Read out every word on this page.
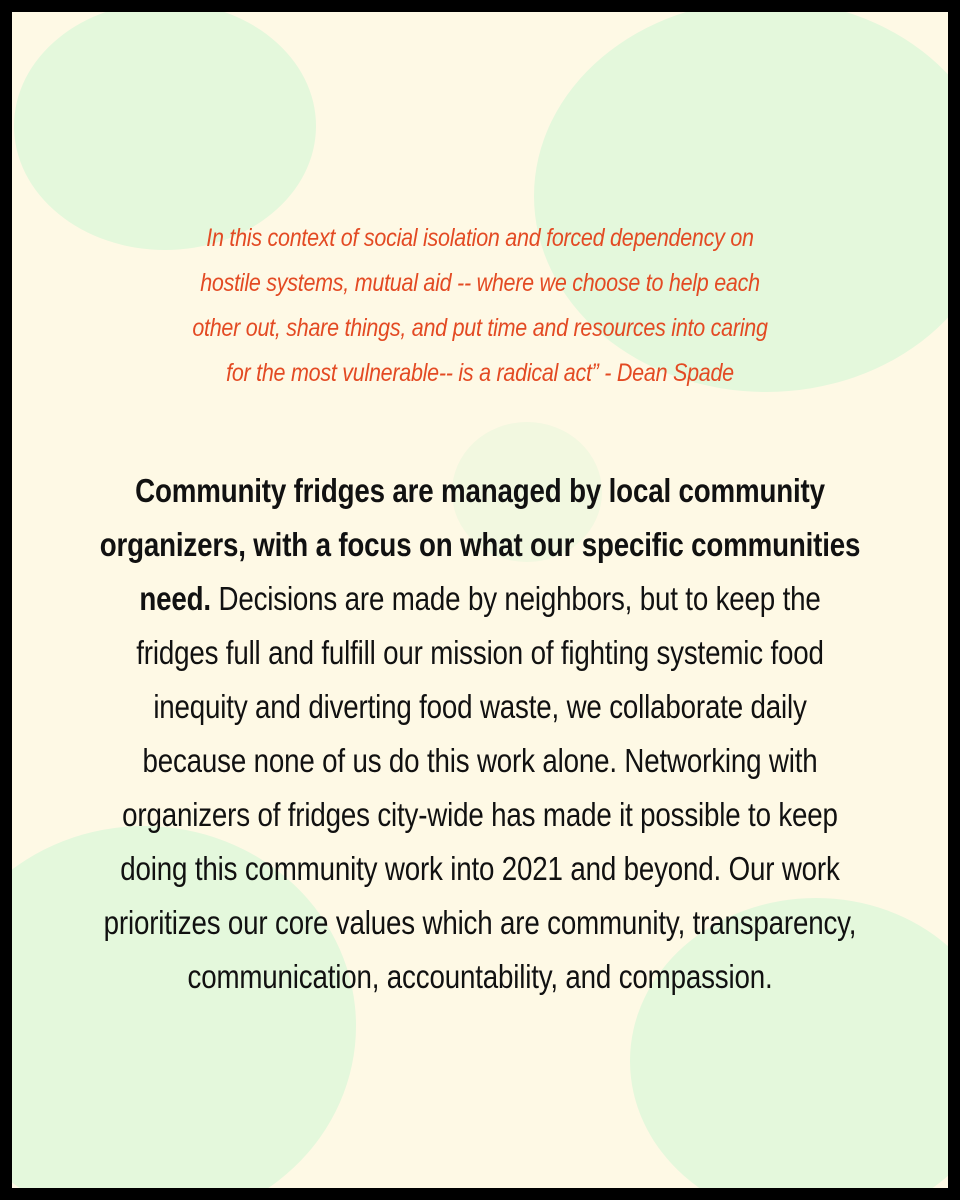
In this context of social isolation and forced dependency on hostile systems, mutual aid -- where we choose to help each other out, share things, and put time and resources into caring for the most vulnerable-- is a radical act” - Dean Spade

Community fridges are managed by local community organizers, with a focus on what our specific communities need. Decisions are made by neighbors, but to keep the fridges full and fulfill our mission of fighting systemic food inequity and diverting food waste, we collaborate daily because none of us do this work alone. Networking with organizers of fridges city-wide has made it possible to keep doing this community work into 2021 and beyond. Our work prioritizes our core values which are community, transparency, communication, accountability, and compassion.
